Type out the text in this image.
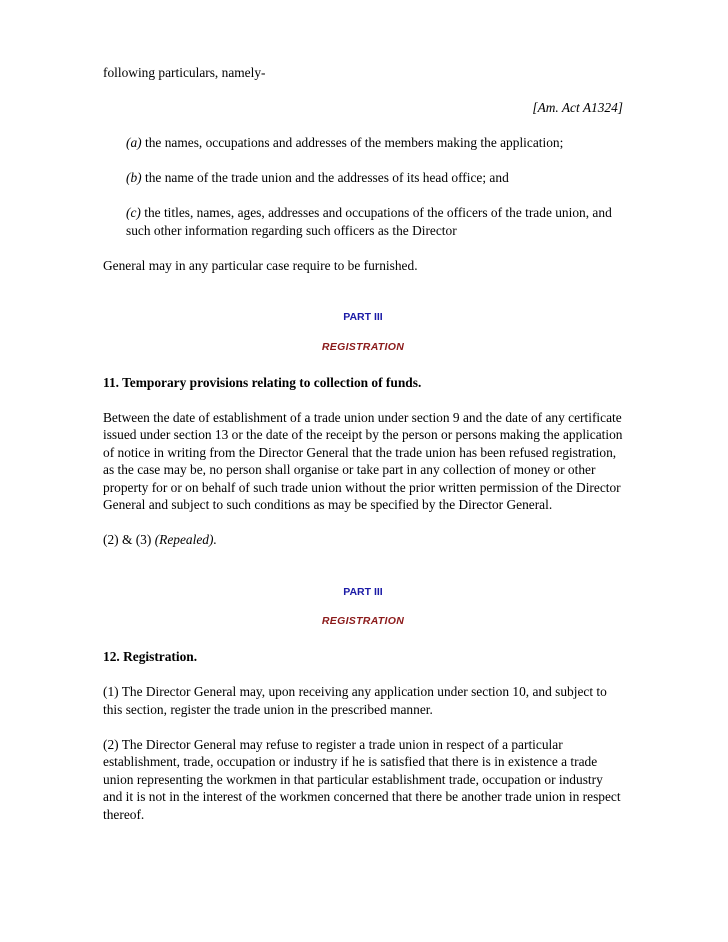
following particulars, namely-

[Am. Act A1324]

(a) the names, occupations and addresses of the members making the application;

(b) the name of the trade union and the addresses of its head office; and

(c) the titles, names, ages, addresses and occupations of the officers of the trade union, and such other information regarding such officers as the Director

General may in any particular case require to be furnished.

PART III

REGISTRATION

11. Temporary provisions relating to collection of funds.

Between the date of establishment of a trade union under section 9 and the date of any certificate issued under section 13 or the date of the receipt by the person or persons making the application of notice in writing from the Director General that the trade union has been refused registration, as the case may be, no person shall organise or take part in any collection of money or other property for or on behalf of such trade union without the prior written permission of the Director General and subject to such conditions as may be specified by the Director General.

(2) & (3) (Repealed).

PART III

REGISTRATION

12. Registration.

(1) The Director General may, upon receiving any application under section 10, and subject to this section, register the trade union in the prescribed manner.

(2) The Director General may refuse to register a trade union in respect of a particular establishment, trade, occupation or industry if he is satisfied that there is in existence a trade union representing the workmen in that particular establishment trade, occupation or industry and it is not in the interest of the workmen concerned that there be another trade union in respect thereof.
